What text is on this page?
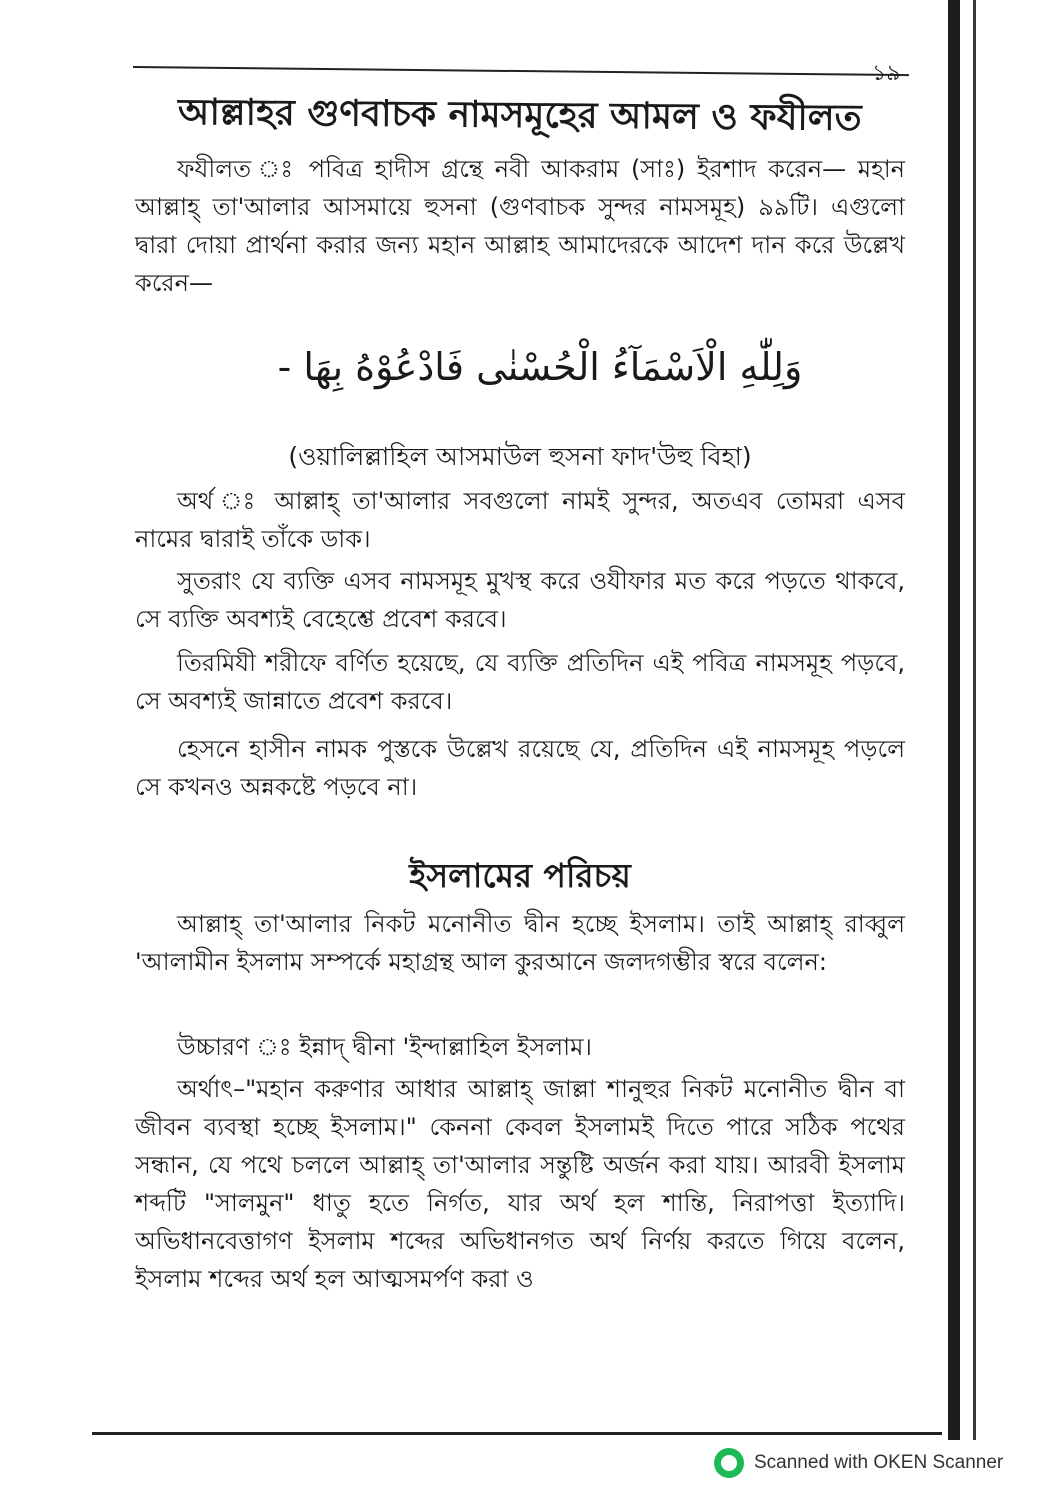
১৯
আল্লাহর গুণবাচক নামসমূহের আমল ও ফযীলত
ফযীলত ঃ পবিত্র হাদীস গ্রন্থে নবী আকরাম (সাঃ) ইরশাদ করেন— মহান আল্লাহ্ তা'আলার আসমায়ে হুসনা (গুণবাচক সুন্দর নামসমূহ) ৯৯টি। এগুলো দ্বারা দোয়া প্রার্থনা করার জন্য মহান আল্লাহ আমাদেরকে আদেশ দান করে উল্লেখ করেন—
وَلِلّٰهِ الْاَسْمَآءُ الْحُسْنٰى فَادْعُوْهُ بِهَا -
(ওয়ালিল্লাহিল আসমাউল হুসনা ফাদ'উহু বিহা)
অর্থ ঃ আল্লাহ্ তা'আলার সবগুলো নামই সুন্দর, অতএব তোমরা এসব নামের দ্বারাই তাঁকে ডাক।
সুতরাং যে ব্যক্তি এসব নামসমূহ মুখস্থ করে ওযীফার মত করে পড়তে থাকবে, সে ব্যক্তি অবশ্যই বেহেশ্তে প্রবেশ করবে।
তিরমিযী শরীফে বর্ণিত হয়েছে, যে ব্যক্তি প্রতিদিন এই পবিত্র নামসমূহ পড়বে, সে অবশ্যই জান্নাতে প্রবেশ করবে।
হেসনে হাসীন নামক পুস্তকে উল্লেখ রয়েছে যে, প্রতিদিন এই নামসমূহ পড়লে সে কখনও অন্নকষ্টে পড়বে না।
ইসলামের পরিচয়
আল্লাহ্ তা'আলার নিকট মনোনীত দ্বীন হচ্ছে ইসলাম। তাই আল্লাহ্ রাব্বুল 'আলামীন ইসলাম সম্পর্কে মহাগ্রন্থ আল কুরআনে জলদগম্ভীর স্বরে বলেন:
উচ্চারণ ঃ ইন্নাদ্ দ্বীনা 'ইন্দাল্লাহিল ইসলাম।
অর্থাৎ–"মহান করুণার আধার আল্লাহ্ জাল্লা শানুহুর নিকট মনোনীত দ্বীন বা জীবন ব্যবস্থা হচ্ছে ইসলাম।" কেননা কেবল ইসলামই দিতে পারে সঠিক পথের সন্ধান, যে পথে চললে আল্লাহ্ তা'আলার সন্তুষ্টি অর্জন করা যায়। আরবী ইসলাম শব্দটি "সালমুন" ধাতু হতে নির্গত, যার অর্থ হল শান্তি, নিরাপত্তা ইত্যাদি। অভিধানবেত্তাগণ ইসলাম শব্দের অভিধানগত অর্থ নির্ণয় করতে গিয়ে বলেন, ইসলাম শব্দের অর্থ হল আত্মসমর্পণ করা ও
Scanned with OKEN Scanner
